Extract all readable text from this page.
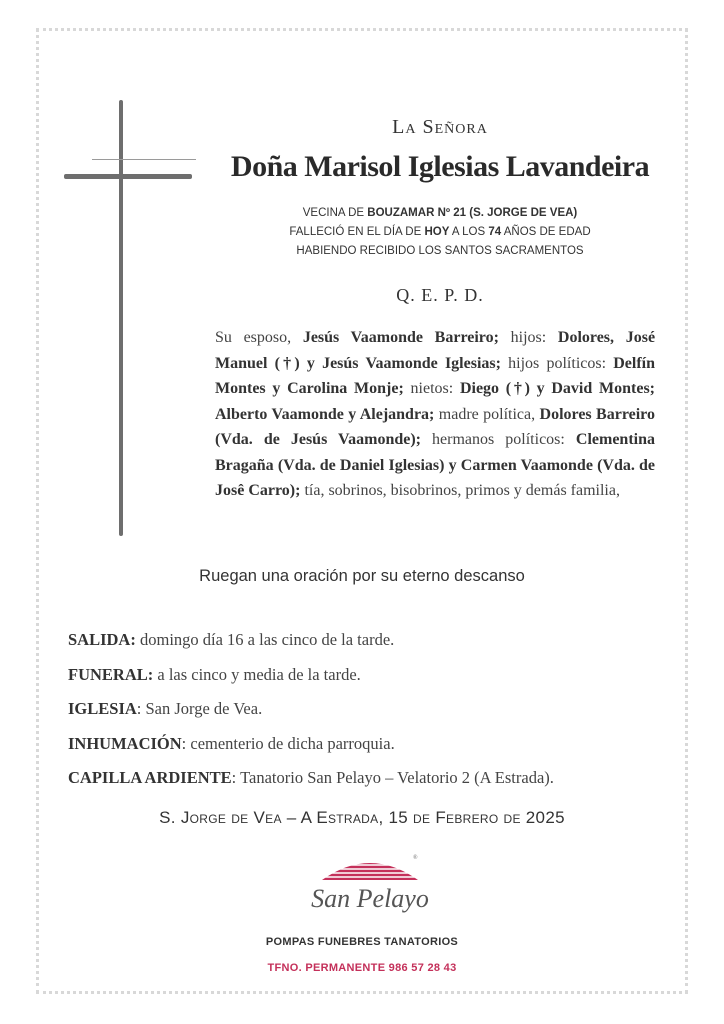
La Señora
Doña Marisol Iglesias Lavandeira
VECINA DE BOUZAMAR Nº 21 (S. JORGE DE VEA)
FALLECIÓ EN EL DÍA DE HOY A LOS 74 AÑOS DE EDAD
HABIENDO RECIBIDO LOS SANTOS SACRAMENTOS
Q. E. P. D.
Su esposo, Jesús Vaamonde Barreiro; hijos: Dolores, José Manuel (†) y Jesús Vaamonde Iglesias; hijos políticos: Delfín Montes y Carolina Monje; nietos: Diego (†) y David Montes; Alberto Vaamonde y Alejandra; madre política, Dolores Barreiro (Vda. de Jesús Vaamonde); hermanos políticos: Clementina Bragaña (Vda. de Daniel Iglesias) y Carmen Vaamonde (Vda. de Josê Carro); tía, sobrinos, bisobrinos, primos y demás familia,
Ruegan una oración por su eterno descanso
SALIDA: domingo día 16 a las cinco de la tarde.
FUNERAL: a las cinco y media de la tarde.
IGLESIA: San Jorge de Vea.
INHUMACIÓN: cementerio de dicha parroquia.
CAPILLA ARDIENTE: Tanatorio San Pelayo – Velatorio 2 (A Estrada).
S. Jorge de Vea – A Estrada, 15 de Febrero de 2025
®
San Pelayo
POMPAS FUNEBRES TANATORIOS
TFNO. PERMANENTE 986 57 28 43
